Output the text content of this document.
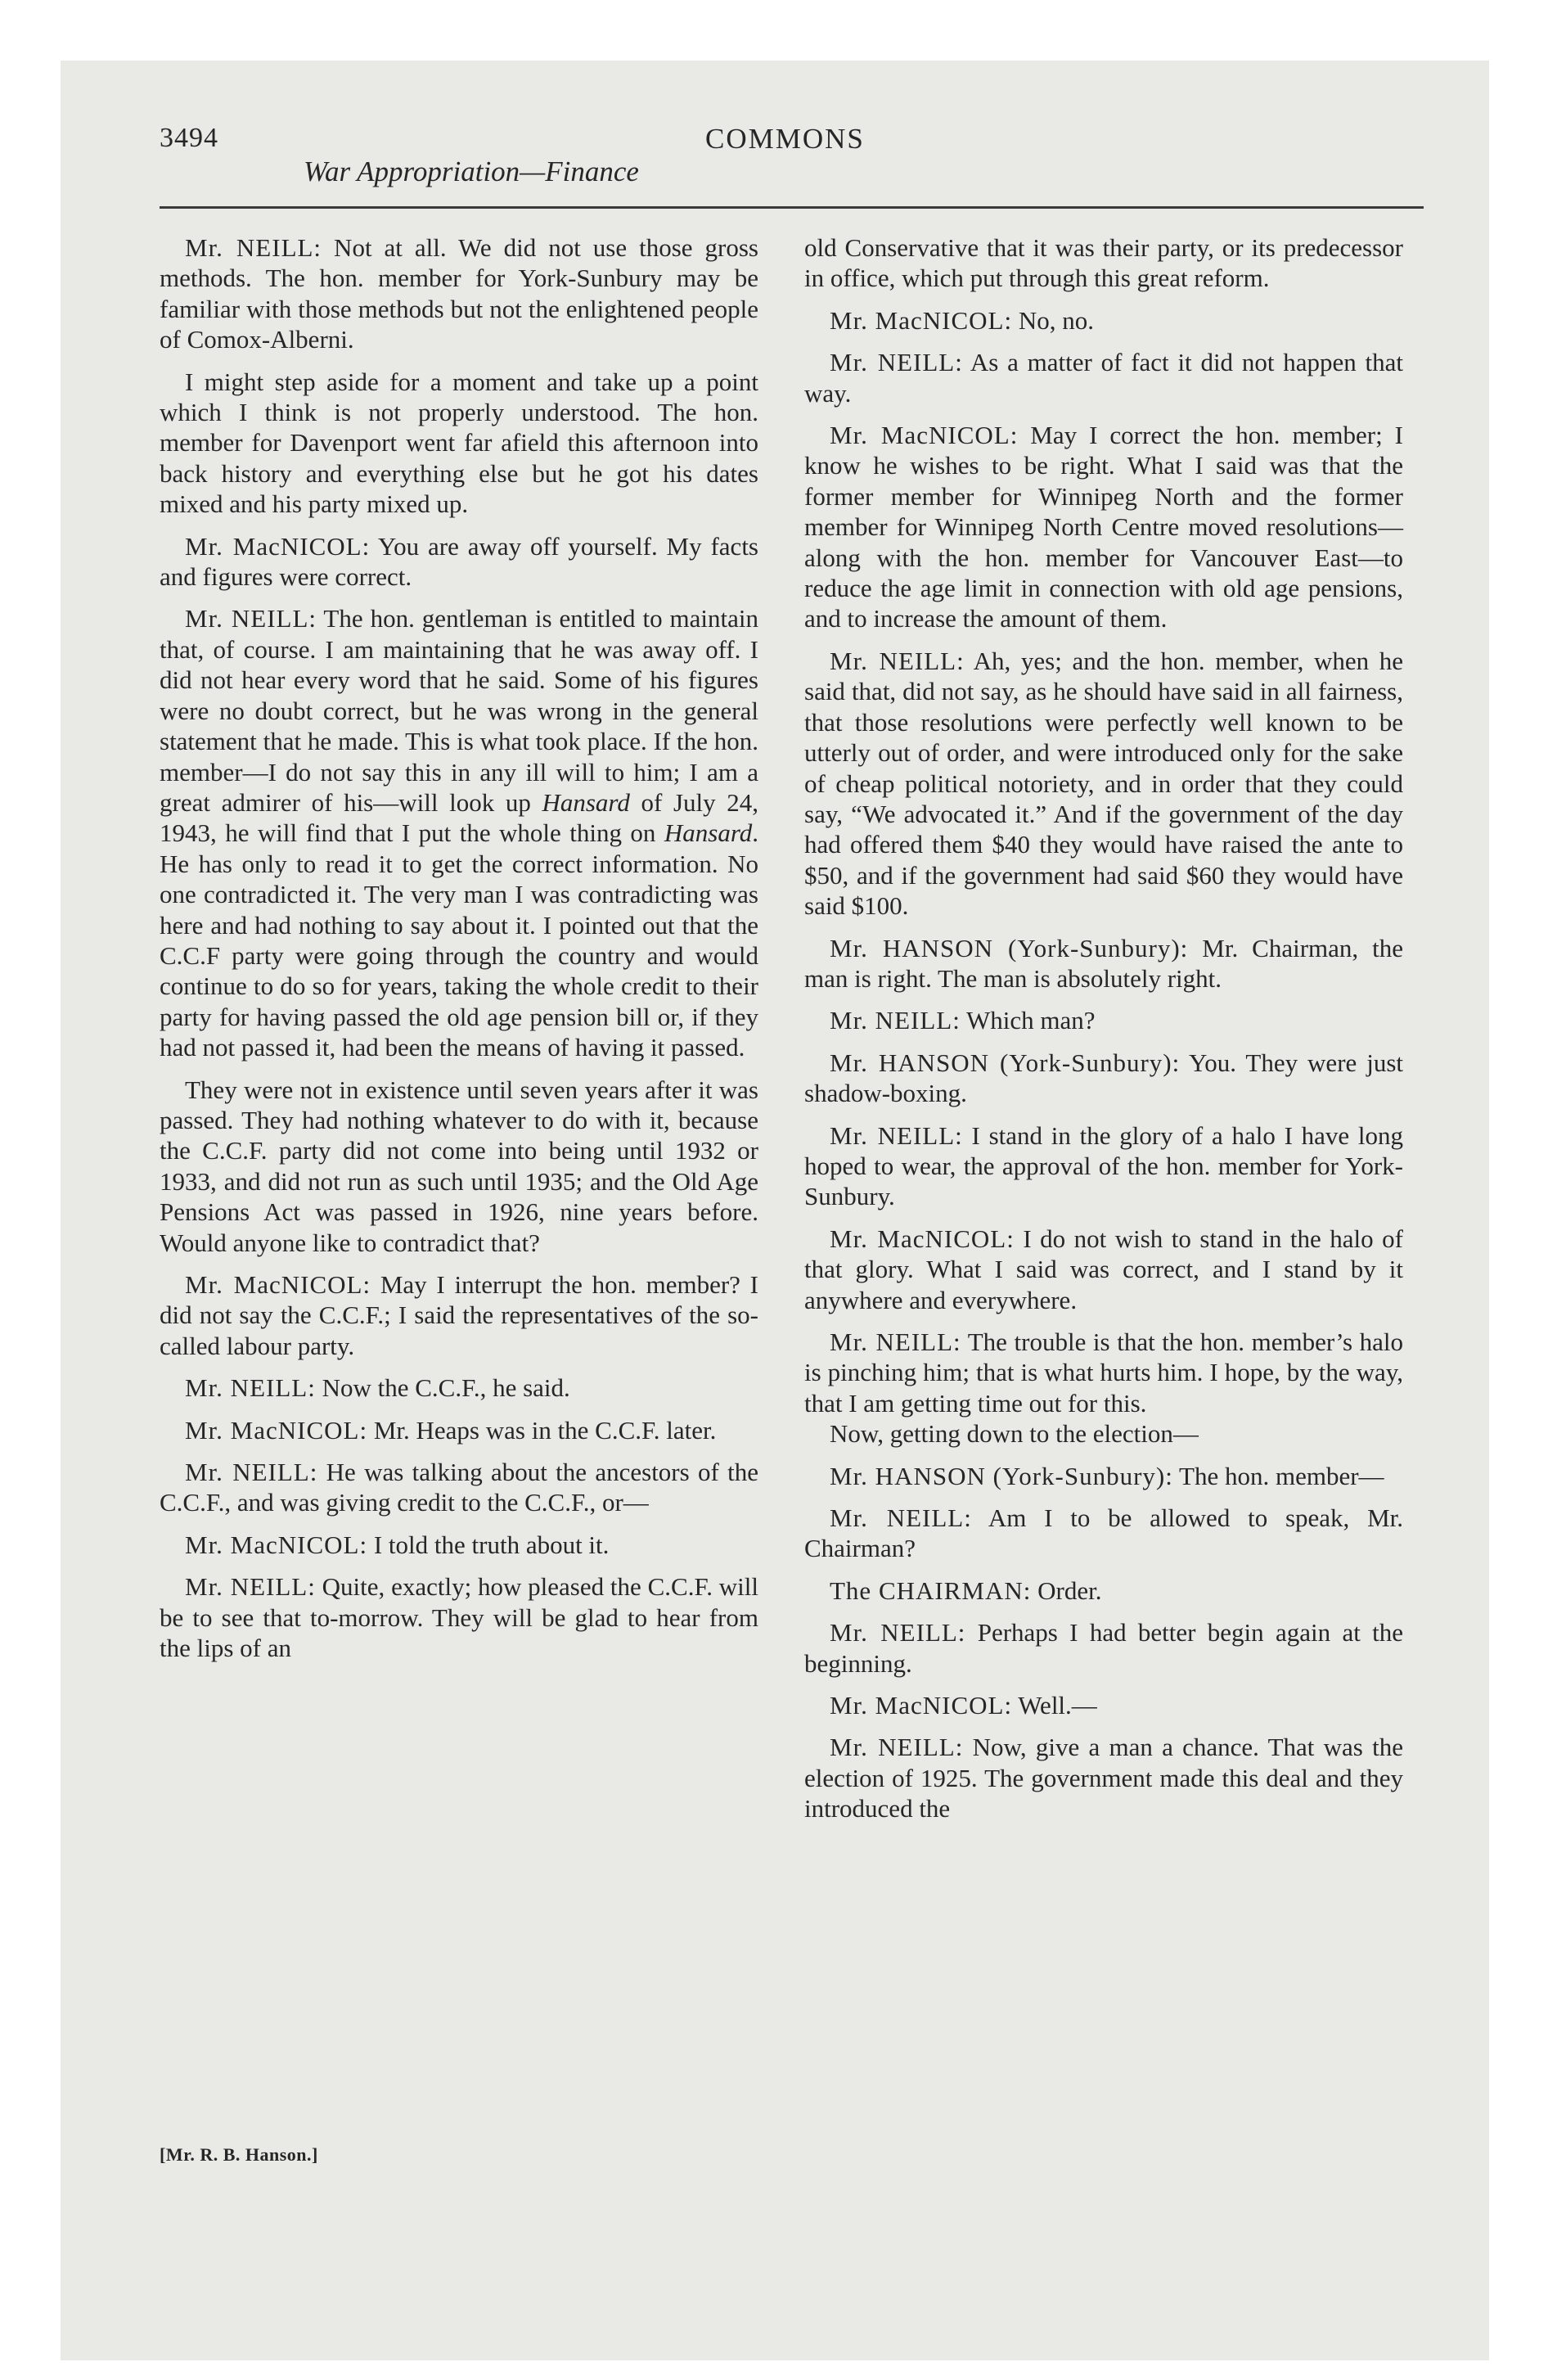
3494
War Appropriation—Finance
COMMONS

Mr. NEILL: Not at all. We did not use those gross methods. The hon. member for York-Sunbury may be familiar with those methods but not the enlightened people of Comox-Alberni.

I might step aside for a moment and take up a point which I think is not properly understood. The hon. member for Davenport went far afield this afternoon into back history and everything else but he got his dates mixed and his party mixed up.

Mr. MacNICOL: You are away off yourself. My facts and figures were correct.

Mr. NEILL: The hon. gentleman is entitled to maintain that, of course. I am maintaining that he was away off. I did not hear every word that he said. Some of his figures were no doubt correct, but he was wrong in the general statement that he made. This is what took place. If the hon. member—I do not say this in any ill will to him; I am a great admirer of his—will look up Hansard of July 24, 1943, he will find that I put the whole thing on Hansard. He has only to read it to get the correct information. No one contradicted it. The very man I was contradicting was here and had nothing to say about it. I pointed out that the C.C.F party were going through the country and would continue to do so for years, taking the whole credit to their party for having passed the old age pension bill or, if they had not passed it, had been the means of having it passed.

They were not in existence until seven years after it was passed. They had nothing whatever to do with it, because the C.C.F. party did not come into being until 1932 or 1933, and did not run as such until 1935; and the Old Age Pensions Act was passed in 1926, nine years before. Would anyone like to contradict that?

Mr. MacNICOL: May I interrupt the hon. member? I did not say the C.C.F.; I said the representatives of the so-called labour party.

Mr. NEILL: Now the C.C.F., he said.

Mr. MacNICOL: Mr. Heaps was in the C.C.F. later.

Mr. NEILL: He was talking about the ancestors of the C.C.F., and was giving credit to the C.C.F., or—

Mr. MacNICOL: I told the truth about it.

Mr. NEILL: Quite, exactly; how pleased the C.C.F. will be to see that to-morrow. They will be glad to hear from the lips of an

old Conservative that it was their party, or its predecessor in office, which put through this great reform.

Mr. MacNICOL: No, no.

Mr. NEILL: As a matter of fact it did not happen that way.

Mr. MacNICOL: May I correct the hon. member; I know he wishes to be right. What I said was that the former member for Winnipeg North and the former member for Winnipeg North Centre moved resolutions—along with the hon. member for Vancouver East—to reduce the age limit in connection with old age pensions, and to increase the amount of them.

Mr. NEILL: Ah, yes; and the hon. member, when he said that, did not say, as he should have said in all fairness, that those resolutions were perfectly well known to be utterly out of order, and were introduced only for the sake of cheap political notoriety, and in order that they could say, “We advocated it.” And if the government of the day had offered them $40 they would have raised the ante to $50, and if the government had said $60 they would have said $100.

Mr. HANSON (York-Sunbury): Mr. Chairman, the man is right. The man is absolutely right.

Mr. NEILL: Which man?

Mr. HANSON (York-Sunbury): You. They were just shadow-boxing.

Mr. NEILL: I stand in the glory of a halo I have long hoped to wear, the approval of the hon. member for York-Sunbury.

Mr. MacNICOL: I do not wish to stand in the halo of that glory. What I said was correct, and I stand by it anywhere and everywhere.

Mr. NEILL: The trouble is that the hon. member’s halo is pinching him; that is what hurts him. I hope, by the way, that I am getting time out for this.

Now, getting down to the election—

Mr. HANSON (York-Sunbury): The hon. member—

Mr. NEILL: Am I to be allowed to speak, Mr. Chairman?

The CHAIRMAN: Order.

Mr. NEILL: Perhaps I had better begin again at the beginning.

Mr. MacNICOL: Well.—

Mr. NEILL: Now, give a man a chance. That was the election of 1925. The government made this deal and they introduced the

[Mr. R. B. Hanson.]
